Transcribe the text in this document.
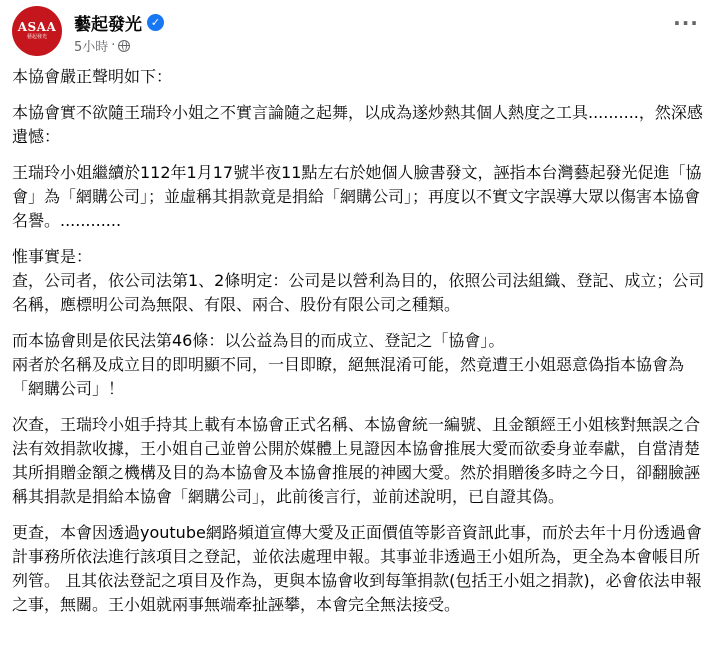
ASAA
藝起發光
藝起發光 ✓
5小時 ·
···

本協會嚴正聲明如下：

本協會實不欲隨王瑞玲小姐之不實言論隨之起舞，以成為遂炒熱其個人熱度之工具..........，然深感遺憾：

王瑞玲小姐繼續於112年1月17號半夜11點左右於她個人臉書發文，誣指本台灣藝起發光促進「協會」為「網購公司」；並虛稱其捐款竟是捐給「網購公司」；再度以不實文字誤導大眾以傷害本協會名譽。............

惟事實是：
查，公司者，依公司法第1、2條明定：公司是以營利為目的，依照公司法組織、登記、成立；公司名稱，應標明公司為無限、有限、兩合、股份有限公司之種類。

而本協會則是依民法第46條：以公益為目的而成立、登記之「協會」。
兩者於名稱及成立目的即明顯不同，一目即瞭，絕無混淆可能，然竟遭王小姐惡意偽指本協會為「網購公司」！

次查，王瑞玲小姐手持其上載有本協會正式名稱、本協會統一編號、且金額經王小姐核對無誤之合法有效捐款收據，王小姐自己並曾公開於媒體上見證因本協會推展大愛而欲委身並奉獻，自當清楚其所捐贈金額之機構及目的為本協會及本協會推展的神國大愛。然於捐贈後多時之今日，卻翻臉誣稱其捐款是捐給本協會「網購公司」，此前後言行，並前述說明，已自證其偽。

更查，本會因透過youtube網路頻道宣傳大愛及正面價值等影音資訊此事，而於去年十月份透過會計事務所依法進行該項目之登記，並依法處理申報。其事並非透過王小姐所為，更全為本會帳目所列管。 且其依法登記之項目及作為，更與本協會收到每筆捐款(包括王小姐之捐款)，必會依法申報之事，無關。王小姐就兩事無端牽扯誣攀，本會完全無法接受。
